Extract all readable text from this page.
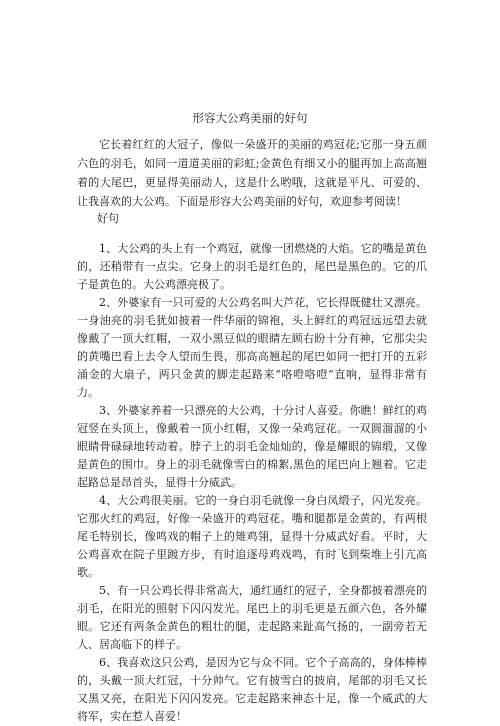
形容大公鸡美丽的好句

它长着红红的大冠子，像似一朵盛开的美丽的鸡冠花;它那一身五颜六色的羽毛，如同一道道美丽的彩虹;金黄色有细又小的腿再加上高高翘着的大尾巴，更显得美丽动人，这是什么哟哦，这就是平凡、可爱的、让我喜欢的大公鸡。下面是形容大公鸡美丽的好句，欢迎参考阅读！

好句

1、大公鸡的头上有一个鸡冠，就像一团燃烧的大焰。它的嘴是黄色的，还稍带有一点尖。它身上的羽毛是红色的，尾巴是黑色的。它的爪子是黄色的。大公鸡漂亮极了。

2、外婆家有一只可爱的大公鸡名叫大芦花，它长得既健壮又漂亮。一身油亮的羽毛犹如披着一件华丽的锦袍，头上鲜红的鸡冠远远望去就像戴了一顶大红帽，一双小黑豆似的眼睛左顾右盼十分有神，它那尖尖的黄嘴巴看上去令人望而生畏，那高高翘起的尾巴如同一把打开的五彩涌金的大扇子，两只金黄的脚走起路来“咯噔咯噔”直响，显得非常有力。

3、外婆家养着一只漂亮的大公鸡，十分讨人喜爱。你瞧！鲜红的鸡冠竖在头顶上，像戴着一顶小红帽，又像一朵鸡冠花。一双圆溜溜的小眼睛骨碌碌地转动着。脖子上的羽毛金灿灿的，像是耀眼的锦缎，又像是黄色的围巾。身上的羽毛就像雪白的棉絮,黑色的尾巴向上翘着。它走起路总是昂首头，显得十分威武。

4、大公鸡很美丽。它的一身白羽毛就像一身白凤缎子，闪光发亮。它那火红的鸡冠，好像一朵盛开的鸡冠花。嘴和腿都是金黄的，有两根尾毛特别长，像鸣戏的帽子上的雉鸡翎，显得十分威武好看。平时，大公鸡喜欢在院子里踱方步，有时追逐母鸡戏鸣，有时飞到柴堆上引亢高歌。

5、有一只公鸡长得非常高大，通红通红的冠子，全身都披着漂亮的羽毛，在阳光的照射下闪闪发光。尾巴上的羽毛更是五颜六色，各外耀眼。它还有两条金黄色的粗壮的腿，走起路来趾高气扬的，一副旁若无人、居高临下的样子。

6、我喜欢这只公鸡，是因为它与众不同。它个子高高的，身体棒棒的，头戴一顶大红冠，十分帅气。它有披雪白的披肩，尾部的羽毛又长又黑又亮，在阳光下闪闪发亮。它走起路来神态十足，像一个威武的大将军，实在惹人喜爱！
